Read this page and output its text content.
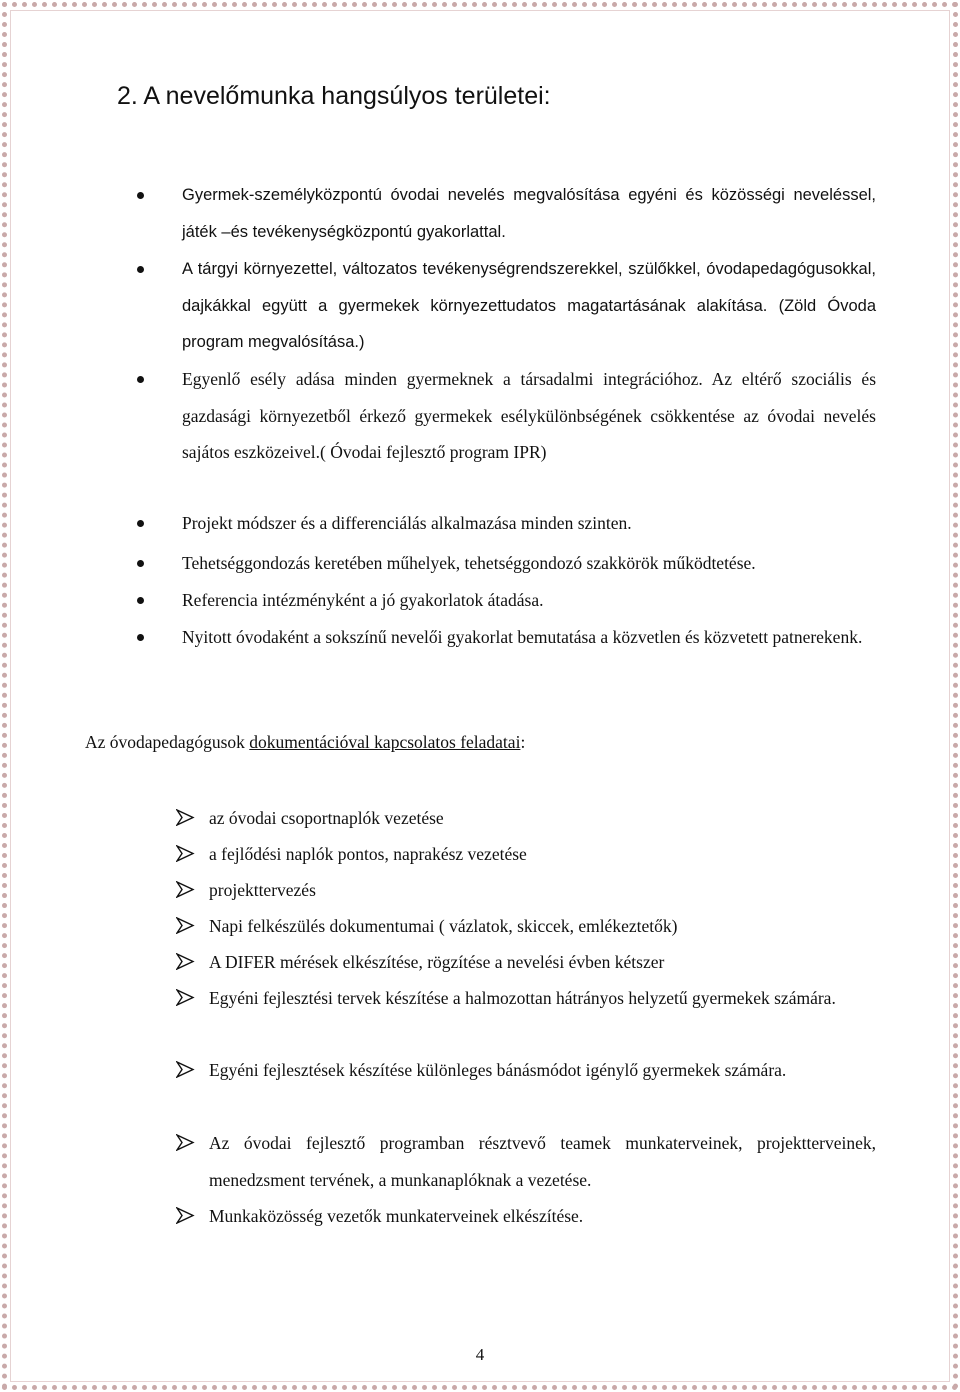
2. A nevelőmunka hangsúlyos területei:
Gyermek-személyközpontú óvodai nevelés megvalósítása egyéni és közösségi neveléssel, játék –és tevékenységközpontú gyakorlattal.
A tárgyi környezettel, változatos tevékenységrendszerekkel, szülőkkel, óvodapedagógusokkal, dajkákkal együtt a gyermekek környezettudatos magatartásának alakítása. (Zöld Óvoda program megvalósítása.)
Egyenlő esély adása minden gyermeknek a társadalmi integrációhoz. Az eltérő szociális és gazdasági környezetből érkező gyermekek esélykülönbségének csökkentése az óvodai nevelés sajátos eszközeivel.( Óvodai fejlesztő program IPR)
Projekt módszer és a differenciálás alkalmazása minden szinten.
Tehetséggondozás keretében műhelyek, tehetséggondozó szakkörök működtetése.
Referencia intézményként a jó gyakorlatok átadása.
Nyitott óvodaként a sokszínű nevelői gyakorlat bemutatása a közvetlen és közvetett patnerekenk.
Az óvodapedagógusok dokumentációval kapcsolatos feladatai:
az óvodai csoportnaplók vezetése
a fejlődési naplók pontos, naprakész vezetése
projekttervezés
Napi felkészülés dokumentumai ( vázlatok, skiccek, emlékeztetők)
A DIFER mérések elkészítése, rögzítése a nevelési évben kétszer
Egyéni fejlesztési tervek készítése a halmozottan hátrányos helyzetű gyermekek számára.
Egyéni fejlesztések készítése különleges bánásmódot igénylő gyermekek számára.
Az óvodai fejlesztő programban résztvevő teamek munkaterveinek, projektterveinek, menedzsment tervének, a munkanaplóknak a vezetése.
Munkaközösség vezetők munkaterveinek elkészítése.
4
